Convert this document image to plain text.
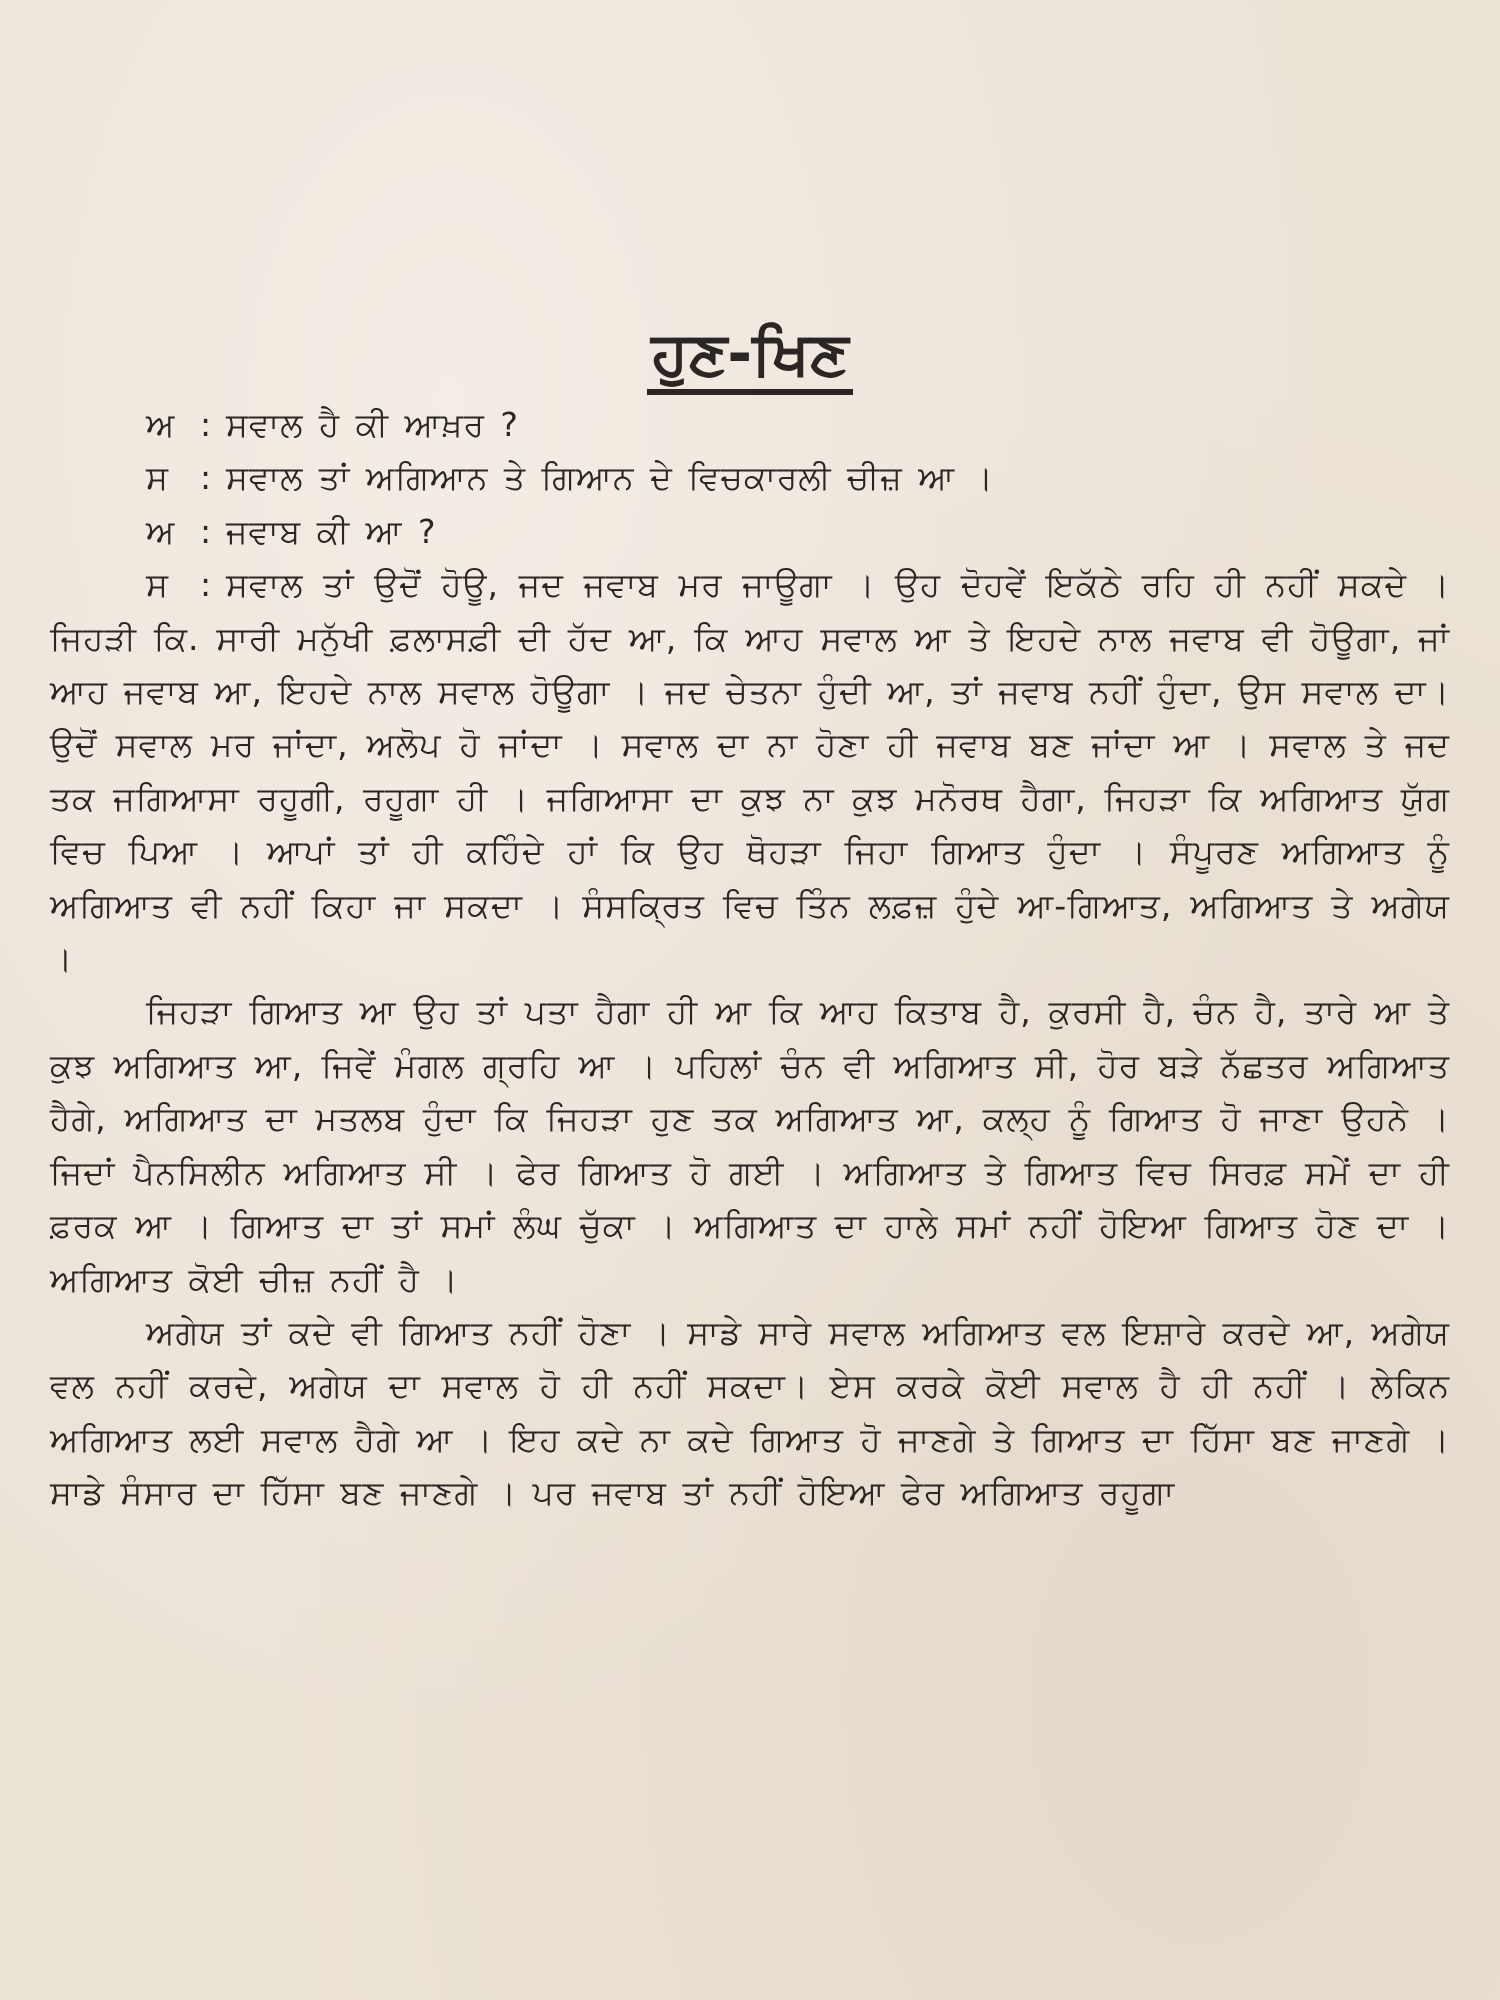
ਹੁਣ-ਖਿਣ

ਅ : ਸਵਾਲ ਹੈ ਕੀ ਆਖ਼ਰ ?

ਸ : ਸਵਾਲ ਤਾਂ ਅਗਿਆਨ ਤੇ ਗਿਆਨ ਦੇ ਵਿਚਕਾਰਲੀ ਚੀਜ਼ ਆ ।

ਅ : ਜਵਾਬ ਕੀ ਆ ?

ਸ : ਸਵਾਲ ਤਾਂ ਉਦੋਂ ਹੋਊ, ਜਦ ਜਵਾਬ ਮਰ ਜਾਊਗਾ । ਉਹ ਦੋਹਵੇਂ ਇਕੱਠੇ ਰਹਿ ਹੀ ਨਹੀਂ ਸਕਦੇ । ਜਿਹੜੀ ਕਿ. ਸਾਰੀ ਮਨੁੱਖੀ ਫ਼ਲਾਸਫ਼ੀ ਦੀ ਹੱਦ ਆ, ਕਿ ਆਹ ਸਵਾਲ ਆ ਤੇ ਇਹਦੇ ਨਾਲ ਜਵਾਬ ਵੀ ਹੋਊਗਾ, ਜਾਂ ਆਹ ਜਵਾਬ ਆ, ਇਹਦੇ ਨਾਲ ਸਵਾਲ ਹੋਊਗਾ । ਜਦ ਚੇਤਨਾ ਹੁੰਦੀ ਆ, ਤਾਂ ਜਵਾਬ ਨਹੀਂ ਹੁੰਦਾ, ਉਸ ਸਵਾਲ ਦਾ। ਉਦੋਂ ਸਵਾਲ ਮਰ ਜਾਂਦਾ, ਅਲੋਪ ਹੋ ਜਾਂਦਾ । ਸਵਾਲ ਦਾ ਨਾ ਹੋਣਾ ਹੀ ਜਵਾਬ ਬਣ ਜਾਂਦਾ ਆ । ਸਵਾਲ ਤੇ ਜਦ ਤਕ ਜਗਿਆਸਾ ਰਹੂਗੀ, ਰਹੂਗਾ ਹੀ । ਜਗਿਆਸਾ ਦਾ ਕੁਝ ਨਾ ਕੁਝ ਮਨੋਰਥ ਹੈਗਾ, ਜਿਹੜਾ ਕਿ ਅਗਿਆਤ ਯੁੱਗ ਵਿਚ ਪਿਆ । ਆਪਾਂ ਤਾਂ ਹੀ ਕਹਿੰਦੇ ਹਾਂ ਕਿ ਉਹ ਥੋਹੜਾ ਜਿਹਾ ਗਿਆਤ ਹੁੰਦਾ । ਸੰਪੂਰਣ ਅਗਿਆਤ ਨੂੰ ਅਗਿਆਤ ਵੀ ਨਹੀਂ ਕਿਹਾ ਜਾ ਸਕਦਾ । ਸੰਸਕ੍ਰਿਤ ਵਿਚ ਤਿੰਨ ਲਫ਼ਜ਼ ਹੁੰਦੇ ਆ-ਗਿਆਤ, ਅਗਿਆਤ ਤੇ ਅਗੇਯ ।

ਜਿਹੜਾ ਗਿਆਤ ਆ ਉਹ ਤਾਂ ਪਤਾ ਹੈਗਾ ਹੀ ਆ ਕਿ ਆਹ ਕਿਤਾਬ ਹੈ, ਕੁਰਸੀ ਹੈ, ਚੰਨ ਹੈ, ਤਾਰੇ ਆ ਤੇ ਕੁਝ ਅਗਿਆਤ ਆ, ਜਿਵੇਂ ਮੰਗਲ ਗ੍ਰਹਿ ਆ । ਪਹਿਲਾਂ ਚੰਨ ਵੀ ਅਗਿਆਤ ਸੀ, ਹੋਰ ਬੜੇ ਨੱਛਤਰ ਅਗਿਆਤ ਹੈਗੇ, ਅਗਿਆਤ ਦਾ ਮਤਲਬ ਹੁੰਦਾ ਕਿ ਜਿਹੜਾ ਹੁਣ ਤਕ ਅਗਿਆਤ ਆ, ਕਲ੍ਹ ਨੂੰ ਗਿਆਤ ਹੋ ਜਾਣਾ ਉਹਨੇ । ਜਿਦਾਂ ਪੈਨਸਿਲੀਨ ਅਗਿਆਤ ਸੀ । ਫੇਰ ਗਿਆਤ ਹੋ ਗਈ । ਅਗਿਆਤ ਤੇ ਗਿਆਤ ਵਿਚ ਸਿਰਫ਼ ਸਮੇਂ ਦਾ ਹੀ ਫ਼ਰਕ ਆ । ਗਿਆਤ ਦਾ ਤਾਂ ਸਮਾਂ ਲੰਘ ਚੁੱਕਾ । ਅਗਿਆਤ ਦਾ ਹਾਲੇ ਸਮਾਂ ਨਹੀਂ ਹੋਇਆ ਗਿਆਤ ਹੋਣ ਦਾ । ਅਗਿਆਤ ਕੋਈ ਚੀਜ਼ ਨਹੀਂ ਹੈ ।

ਅਗੇਯ ਤਾਂ ਕਦੇ ਵੀ ਗਿਆਤ ਨਹੀਂ ਹੋਣਾ । ਸਾਡੇ ਸਾਰੇ ਸਵਾਲ ਅਗਿਆਤ ਵਲ ਇਸ਼ਾਰੇ ਕਰਦੇ ਆ, ਅਗੇਯ ਵਲ ਨਹੀਂ ਕਰਦੇ, ਅਗੇਯ ਦਾ ਸਵਾਲ ਹੋ ਹੀ ਨਹੀਂ ਸਕਦਾ। ਏਸ ਕਰਕੇ ਕੋਈ ਸਵਾਲ ਹੈ ਹੀ ਨਹੀਂ । ਲੇਕਿਨ ਅਗਿਆਤ ਲਈ ਸਵਾਲ ਹੈਗੇ ਆ । ਇਹ ਕਦੇ ਨਾ ਕਦੇ ਗਿਆਤ ਹੋ ਜਾਣਗੇ ਤੇ ਗਿਆਤ ਦਾ ਹਿੱਸਾ ਬਣ ਜਾਣਗੇ । ਸਾਡੇ ਸੰਸਾਰ ਦਾ ਹਿੱਸਾ ਬਣ ਜਾਣਗੇ । ਪਰ ਜਵਾਬ ਤਾਂ ਨਹੀਂ ਹੋਇਆ ਫੇਰ ਅਗਿਆਤ ਰਹੂਗਾ
